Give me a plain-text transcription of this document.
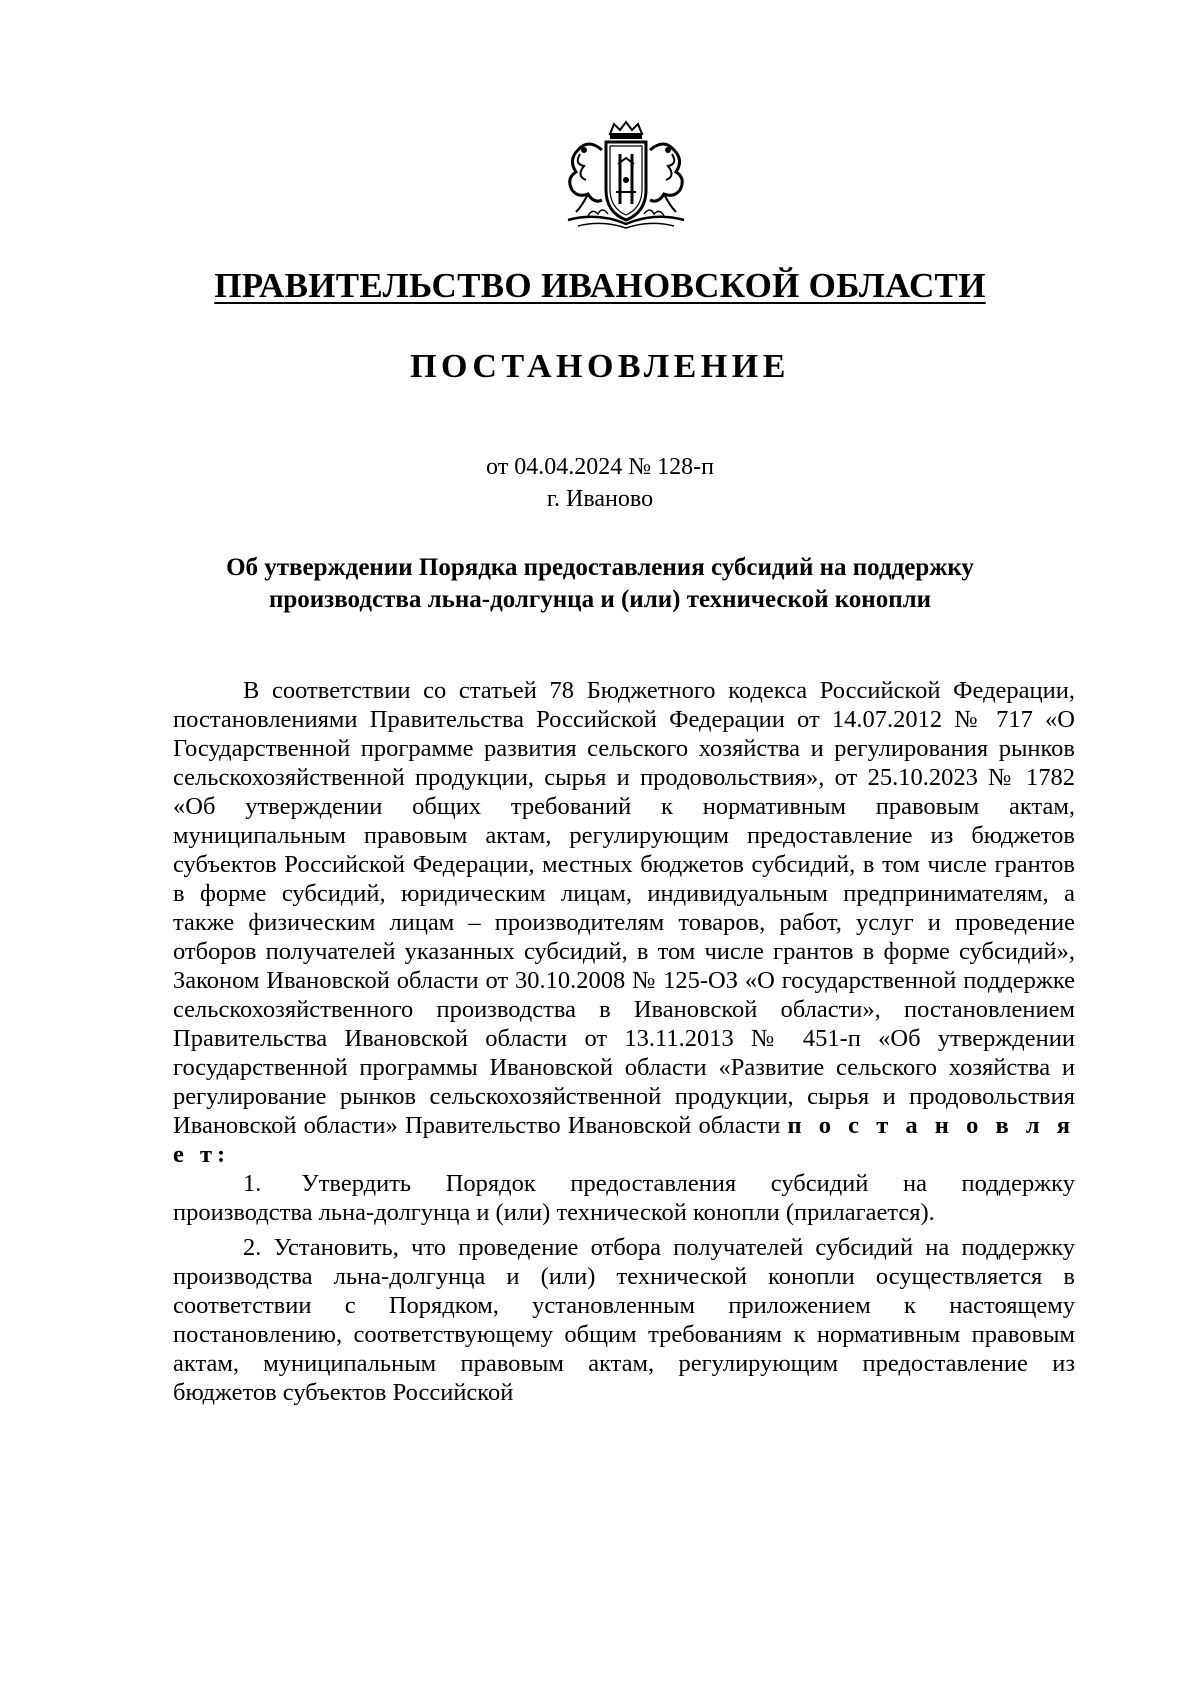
ПРАВИТЕЛЬСТВО ИВАНОВСКОЙ ОБЛАСТИ
ПОСТАНОВЛЕНИЕ
от 04.04.2024 № 128-п
г. Иваново
Об утверждении Порядка предоставления субсидий на поддержку
производства льна-долгунца и (или) технической конопли

В соответствии со статьей 78 Бюджетного кодекса Российской Федерации, постановлениями Правительства Российской Федерации от 14.07.2012 № 717 «О Государственной программе развития сельского хозяйства и регулирования рынков сельскохозяйственной продукции, сырья и продовольствия», от 25.10.2023 № 1782 «Об утверждении общих требований к нормативным правовым актам, муниципальным правовым актам, регулирующим предоставление из бюджетов субъектов Российской Федерации, местных бюджетов субсидий, в том числе грантов в форме субсидий, юридическим лицам, индивидуальным предпринимателям, а также физическим лицам – производителям товаров, работ, услуг и проведение отборов получателей указанных субсидий, в том числе грантов в форме субсидий», Законом Ивановской области от 30.10.2008 № 125-ОЗ «О государственной поддержке сельскохозяйственного производства в Ивановской области», постановлением Правительства Ивановской области от 13.11.2013 № 451-п «Об утверждении государственной программы Ивановской области «Развитие сельского хозяйства и регулирование рынков сельскохозяйственной продукции, сырья и продовольствия Ивановской области» Правительство Ивановской области п о с т а н о в л я е т:

1. Утвердить Порядок предоставления субсидий на поддержку производства льна-долгунца и (или) технической конопли (прилагается).

2. Установить, что проведение отбора получателей субсидий на поддержку производства льна-долгунца и (или) технической конопли осуществляется в соответствии с Порядком, установленным приложением к настоящему постановлению, соответствующему общим требованиям к нормативным правовым актам, муниципальным правовым актам, регулирующим предоставление из бюджетов субъектов Российской
